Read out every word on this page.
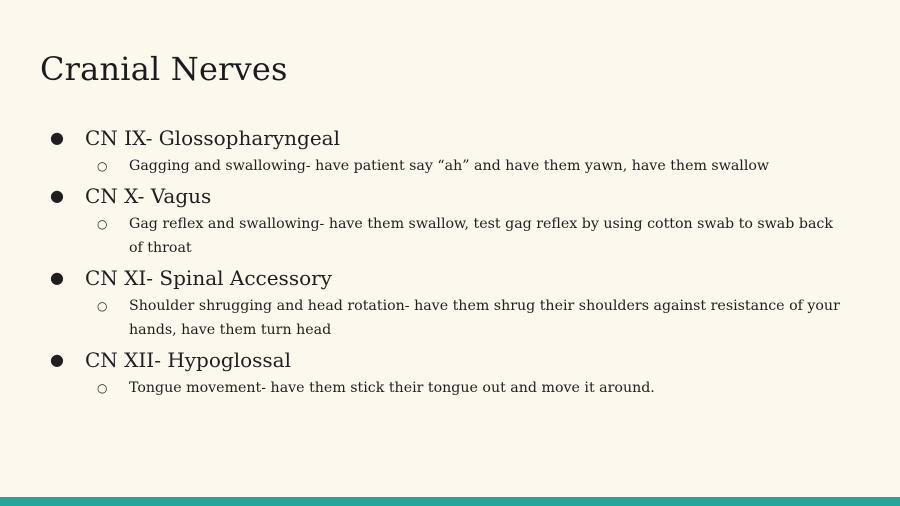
Cranial Nerves
● CN IX- Glossopharyngeal
○ Gagging and swallowing- have patient say “ah” and have them yawn, have them swallow
● CN X- Vagus
○ Gag reflex and swallowing- have them swallow, test gag reflex by using cotton swab to swab back of throat
● CN XI- Spinal Accessory
○ Shoulder shrugging and head rotation- have them shrug their shoulders against resistance of your hands, have them turn head
● CN XII- Hypoglossal
○ Tongue movement- have them stick their tongue out and move it around.
